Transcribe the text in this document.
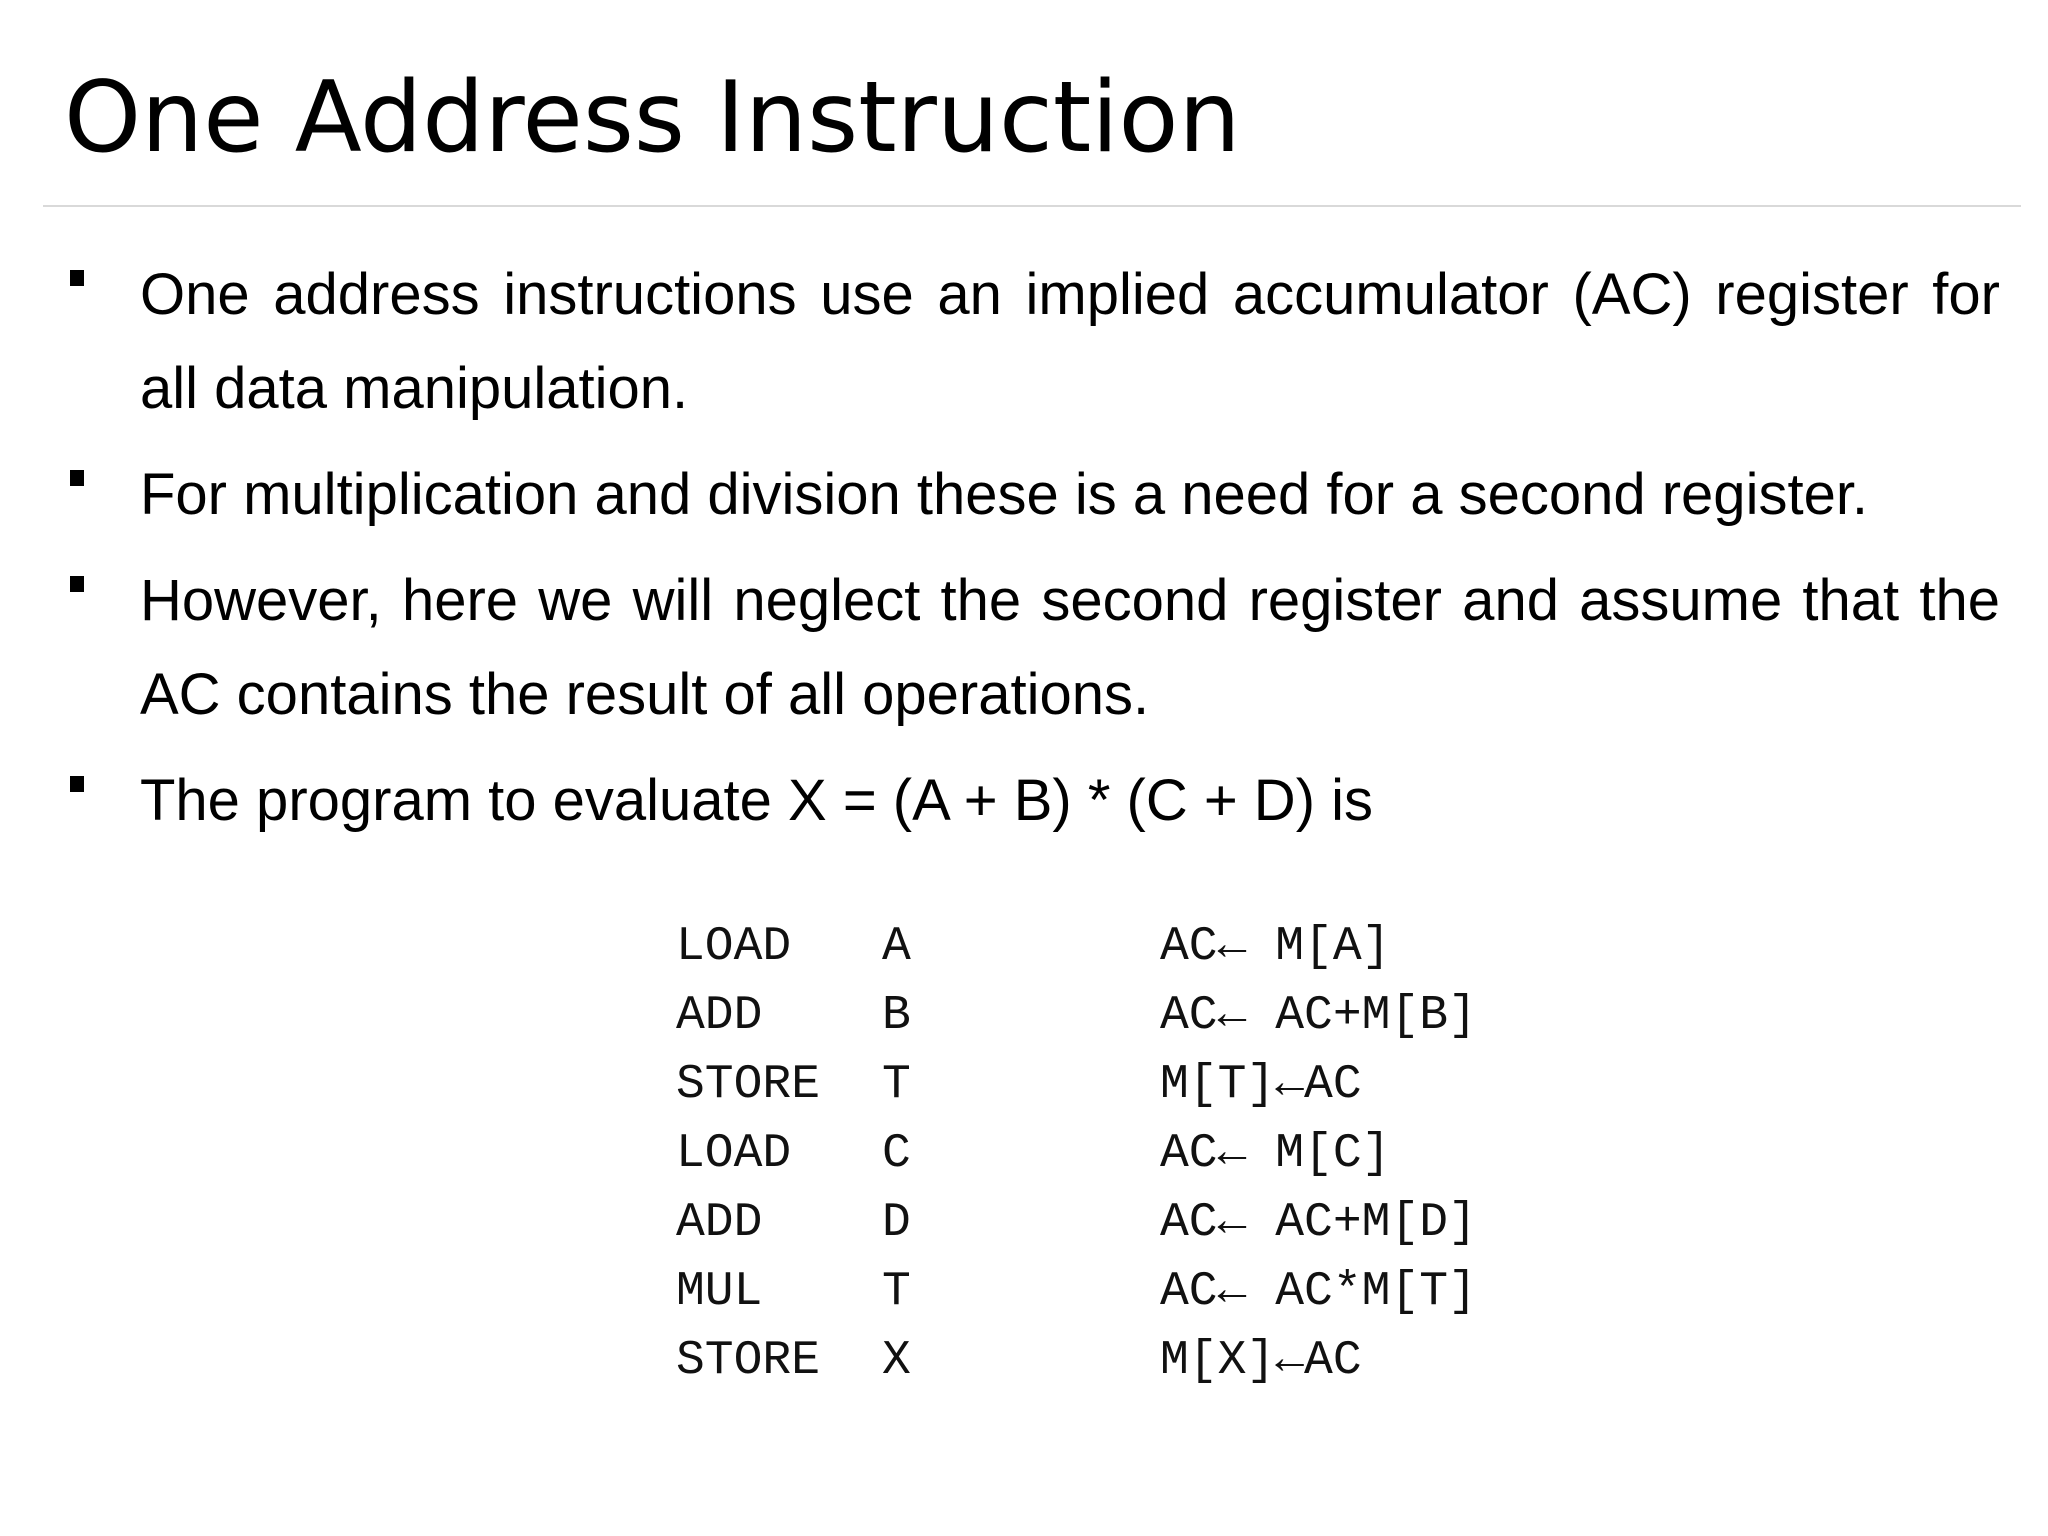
One Address Instruction
One address instructions use an implied accumulator (AC) register for all data manipulation.
For multiplication and division these is a need for a second register.
However, here we will neglect the second register and assume that the AC contains the result of all operations.
The program to evaluate X = (A + B) * (C + D) is
LOAD A	AC← M[A]
ADD B	AC← AC+M[B]
STORE T	M[T]←AC
LOAD C	AC← M[C]
ADD D	AC← AC+M[D]
MUL T	AC← AC*M[T]
STORE X	M[X]←AC
